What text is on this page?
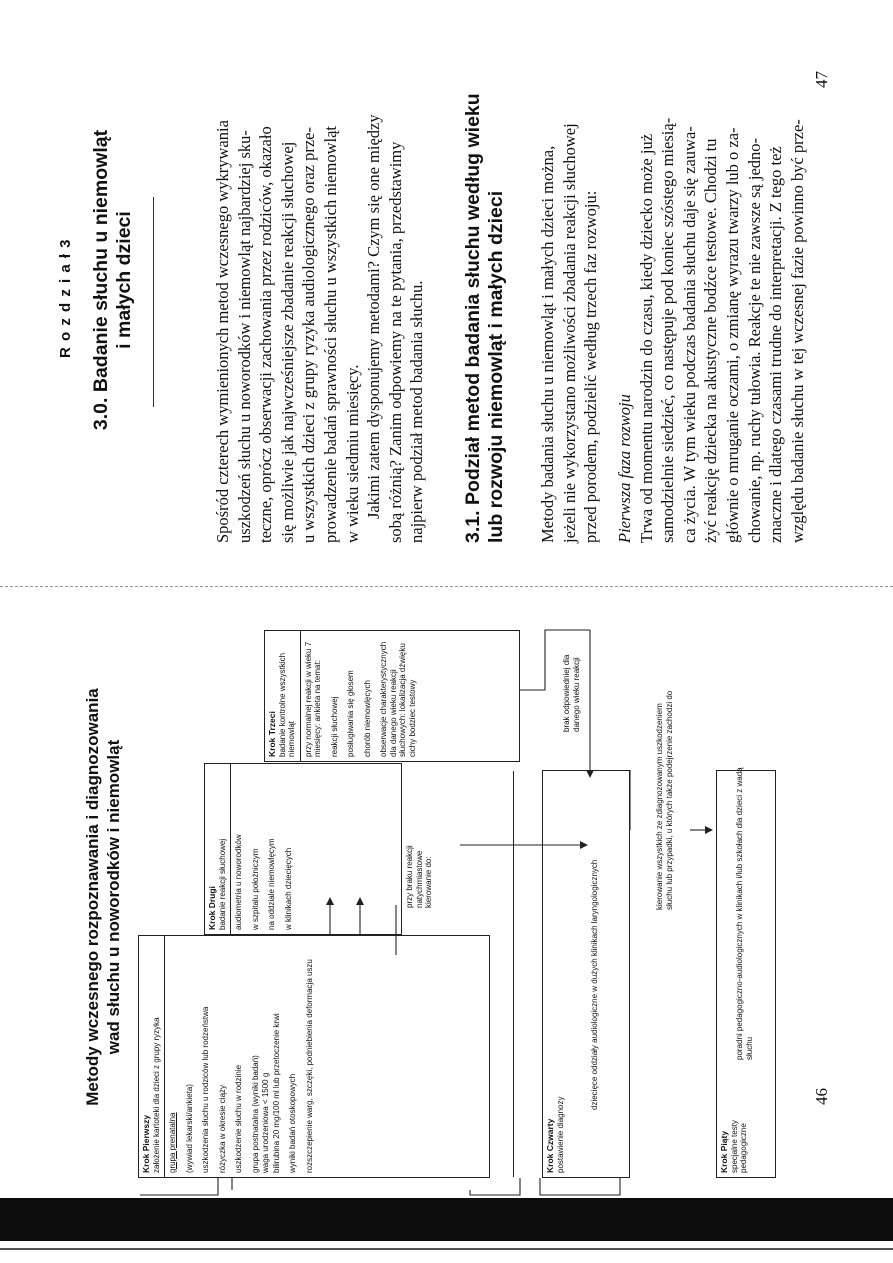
Metody wczesnego rozpoznawania i diagnozowania wad słuchu u noworodków i niemowląt
46
Krok Pierwszy założenie kartoteki dla dzieci z grupy ryzyka grupa prenatalna (wywiad lekarski/ankieta) uszkodzenia słuchu u rodziców lub rodzeństwa różyczka w okresie ciąży uszkodzenie słuchu w rodzinie grupa postnatalna (wyniki badań) waga urodzeniowa < 1500 g bilirubina 20 mg/100 ml lub przetoczenie krwi wyniki badań otoskopowych rozszczepienie warg, szczęki, podniebienia deformacja uszu
Krok Drugi badanie reakcji słuchowej audiometria u noworodków w szpitalu położniczym na oddziale niemowlęcym w klinikach dziecięcych
Krok Trzeci badanie kontrolne wszystkich niemowląt przy normalnej reakcji w wieku 7 miesięcy: ankieta na temat: reakcji słuchowej posługiwania się głosem chorób niemowlęcych obserwacje charakterystycznych dla danego wieku reakcji słuchowych: lokalizacja dźwięku cichy bodziec testowy
przy braku reakcji natychmiastowe kierowanie do:
brak odpowiedniej dla danego wieku reakcji
Krok Czwarty postawienie diagnozy
dziecięce oddziały audiologiczne w dużych klinikach laryngologicznych
kierowanie wszystkich ze zdiagnozowanym uszkodzeniem słuchu lub przypadki, u których także podejrzenie zachodzi do
Krok Piąty specjalne testy pedagogiczne
poradni pedagogiczno-audiologicznych w klinikach i/lub szkołach dla dzieci z wadą słuchu
R o z d z i a ł 3 3.0. Badanie słuchu u niemowląt i małych dzieci	Spośród czterech wymienionych metod wczesnego wykrywania uszkodzeń słuchu u noworodków i niemowląt najbardziej sku- teczne, oprócz obserwacji zachowania przez rodziców, okazało się możliwie jak najwcześniejsze zbadanie reakcji słuchowej u wszystkich dzieci z grupy ryzyka audiologicznego oraz prze- prowadzenie badań sprawności słuchu u wszystkich niemowląt w wieku siedmiu miesięcy. Jakimi zatem dysponujemy metodami? Czym się one między sobą różnią? Zanim odpowiemy na te pytania, przedstawimy najpierw podział metod badania słuchu. 3.1. Podział metod badania słuchu według wieku lub rozwoju niemowląt i małych dzieci Metody badania słuchu u niemowląt i małych dzieci można, jeżeli nie wykorzystano możliwości zbadania reakcji słuchowej przed porodem, podzielić według trzech faz rozwoju: Pierwsza faza rozwoju Trwa od momentu narodzin do czasu, kiedy dziecko może już samodzielnie siedzieć, co następuje pod koniec szóstego miesią- ca życia. W tym wieku podczas badania słuchu daje się zauwa- żyć reakcję dziecka na akustyczne bodźce testowe. Chodzi tu głównie o mruganie oczami, o zmianę wyrazu twarzy lub o za- chowanie, np. ruchy tułowia. Reakcje te nie zawsze są jedno- znaczne i dlatego czasami trudne do interpretacji. Z tego też względu badanie słuchu w tej wczesnej fazie powinno być prze-

47
